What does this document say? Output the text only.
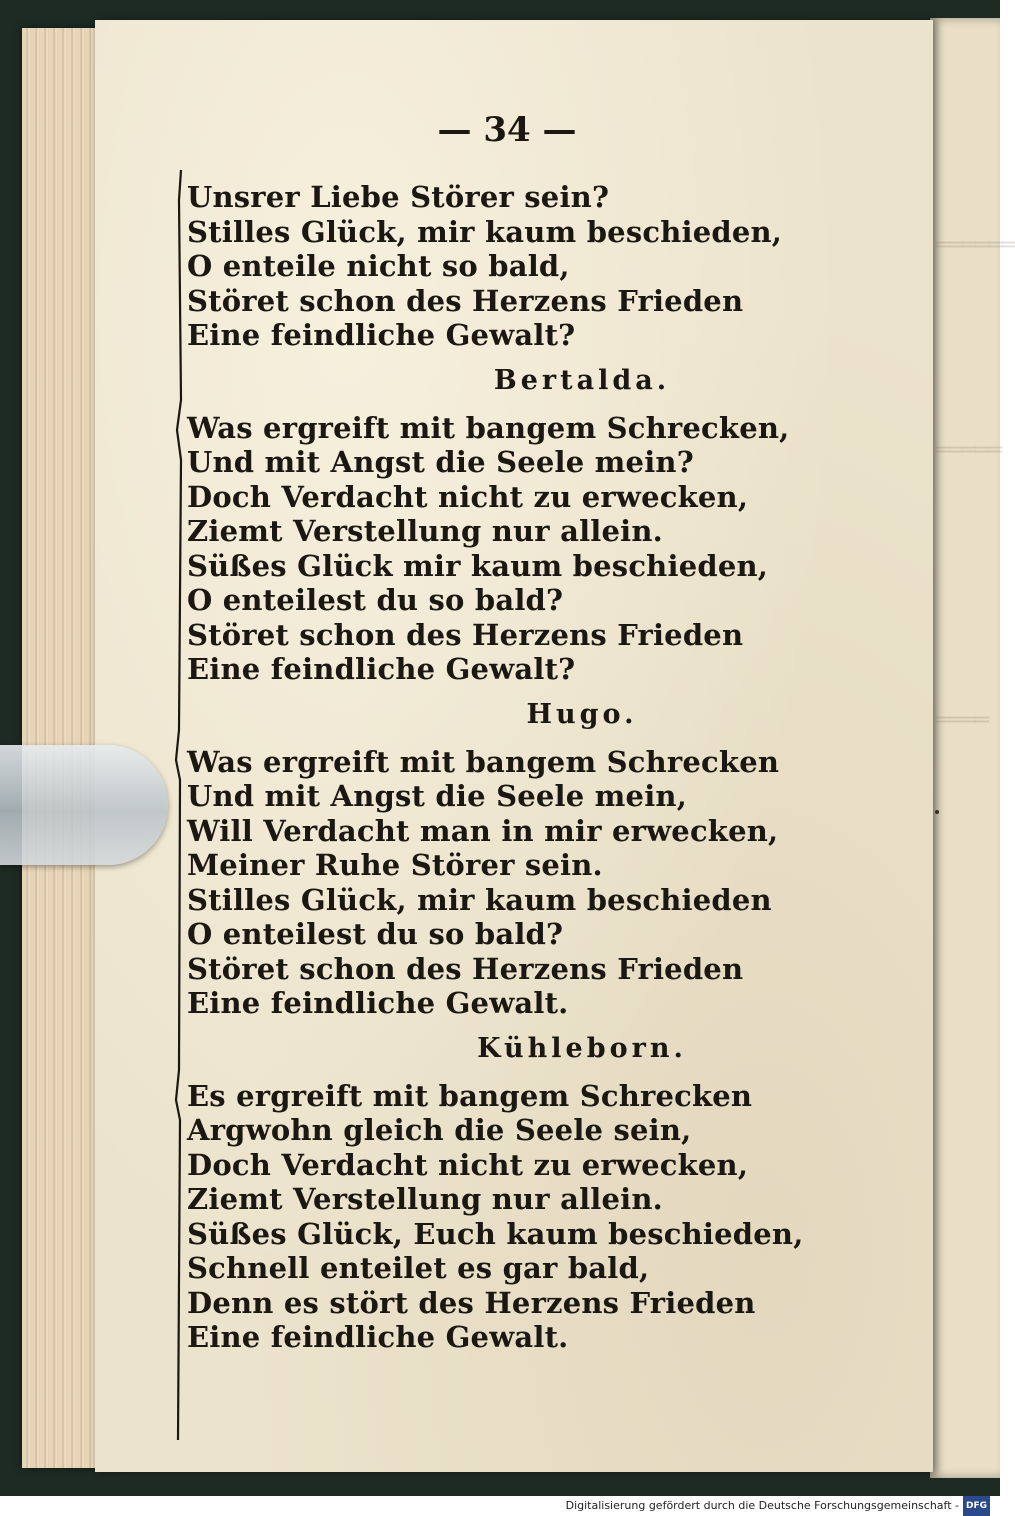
══════
═════
════
— 34 —
Unsrer Liebe Störer sein?
Stilles Glück, mir kaum beschieden,
O enteile nicht so bald,
Störet schon des Herzens Frieden
Eine feindliche Gewalt?
Bertalda.
Was ergreift mit bangem Schrecken,
Und mit Angst die Seele mein?
Doch Verdacht nicht zu erwecken,
Ziemt Verstellung nur allein.
Süßes Glück mir kaum beschieden,
O enteilest du so bald?
Störet schon des Herzens Frieden
Eine feindliche Gewalt?
Hugo.
Was ergreift mit bangem Schrecken
Und mit Angst die Seele mein,
Will Verdacht man in mir erwecken,
Meiner Ruhe Störer sein.
Stilles Glück, mir kaum beschieden
O enteilest du so bald?
Störet schon des Herzens Frieden
Eine feindliche Gewalt.
Kühleborn.
Es ergreift mit bangem Schrecken
Argwohn gleich die Seele sein,
Doch Verdacht nicht zu erwecken,
Ziemt Verstellung nur allein.
Süßes Glück, Euch kaum beschieden,
Schnell enteilet es gar bald,
Denn es stört des Herzens Frieden
Eine feindliche Gewalt.
Digitalisierung gefördert durch die Deutsche Forschungsgemeinschaft - DFG
